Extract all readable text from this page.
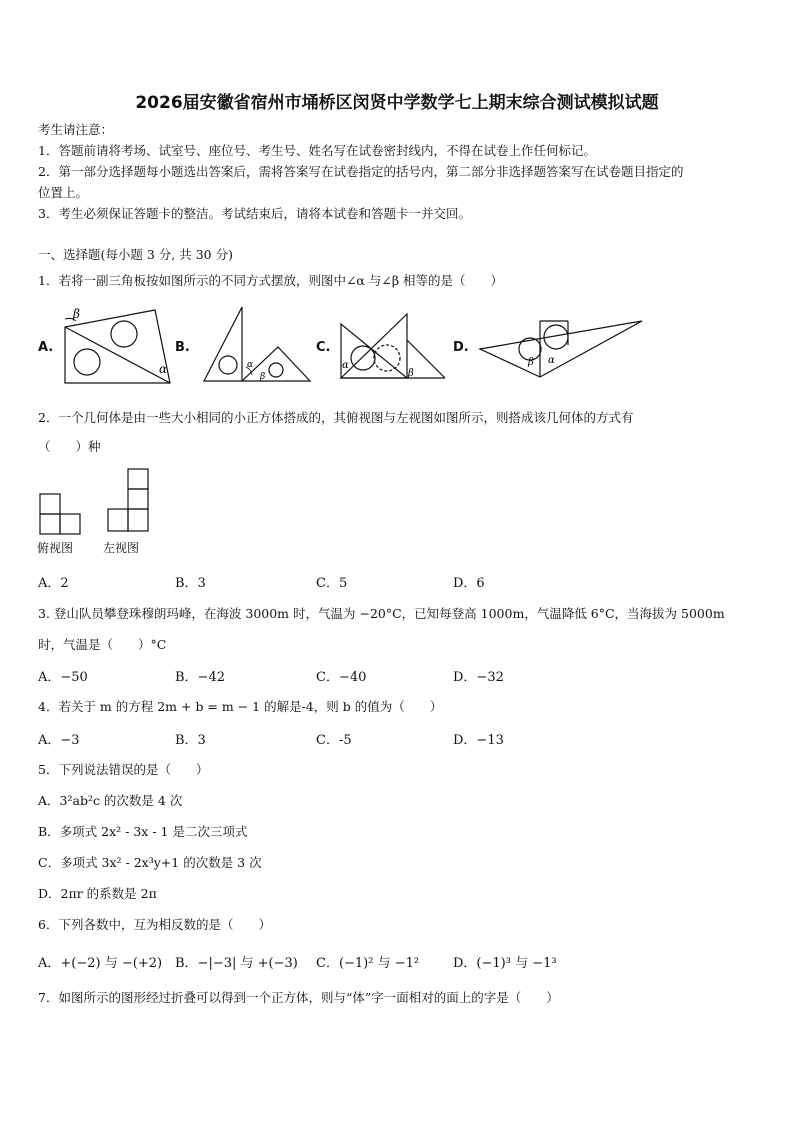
2026届安徽省宿州市埇桥区闵贤中学数学七上期末综合测试模拟试题
考生请注意：
1．答题前请将考场、试室号、座位号、考生号、姓名写在试卷密封线内，不得在试卷上作任何标记。
2．第一部分选择题每小题选出答案后，需将答案写在试卷指定的括号内，第二部分非选择题答案写在试卷题目指定的
位置上。
3．考生必须保证答题卡的整洁。考试结束后，请将本试卷和答题卡一并交回。
一、选择题(每小题 3 分, 共 30 分)
1．若将一副三角板按如图所示的不同方式摆放，则图中∠α 与∠β 相等的是（　　）
A.
β
α
B.
α
β
C.
α
β
D.
β α
2．一个几何体是由一些大小相同的小正方体搭成的，其俯视图与左视图如图所示，则搭成该几何体的方式有
（　　）种
俯视图 左视图
A．2	B．3	C．5	D．6
3. 登山队员攀登珠穆朗玛峰，在海波 3000m 时，气温为 −20°C，已知每登高 1000m，气温降低 6°C，当海拔为 5000m
时，气温是（　　）°C
A．−50	B．−42	C．−40	D．−32
4．若关于 m 的方程 2m + b = m − 1 的解是-4，则 b 的值为（　　）
A．−3	B．3	C．-5	D．−13
5．下列说法错误的是（　　）
A．3²ab²c 的次数是 4 次
B．多项式 2x² - 3x - 1 是二次三项式
C．多项式 3x² - 2x³y+1 的次数是 3 次
D．2πr 的系数是 2π
6．下列各数中，互为相反数的是（　　）
A．+(−2) 与 −(+2) B．−|−3| 与 +(−3) C．(−1)² 与 −1²	D．(−1)³ 与 −1³
7．如图所示的图形经过折叠可以得到一个正方体，则与“体”字一面相对的面上的字是（　　）
